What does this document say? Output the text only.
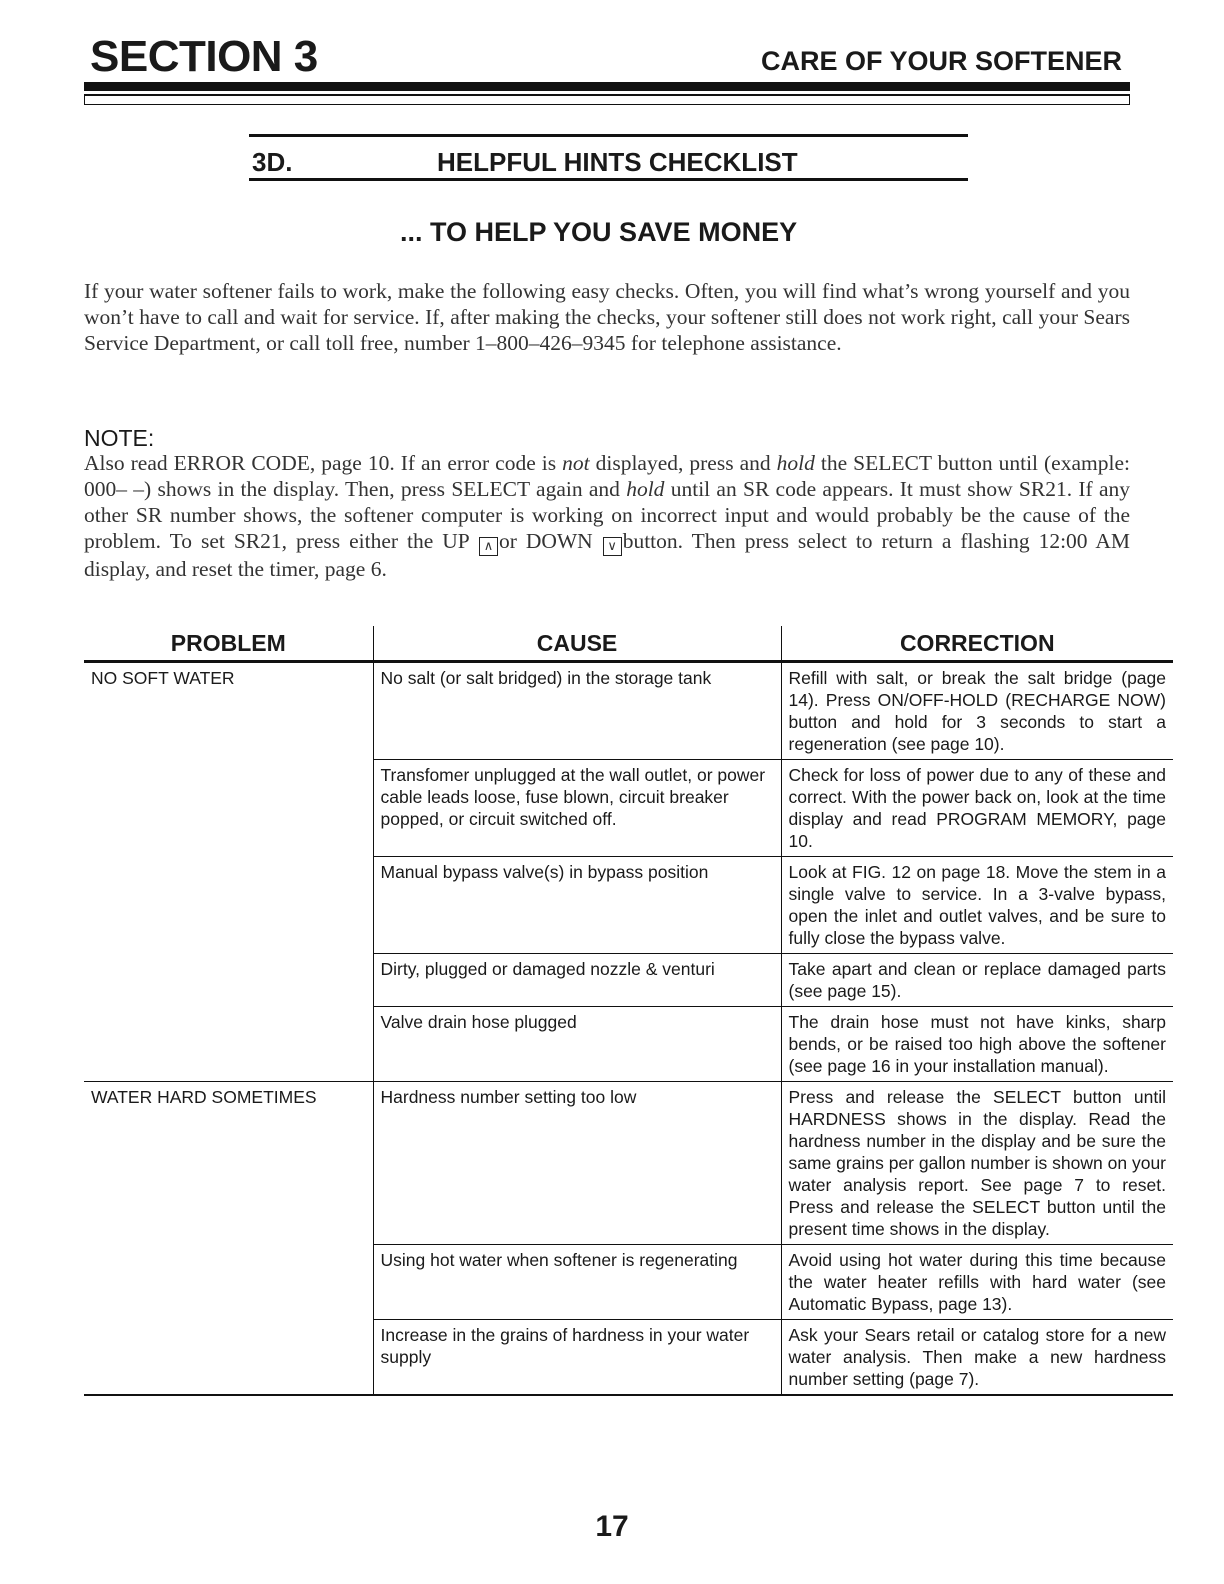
SECTION 3	CARE OF YOUR SOFTENER
3D.	HELPFUL HINTS CHECKLIST
... TO HELP YOU SAVE MONEY
If your water softener fails to work, make the following easy checks. Often, you will find what’s wrong yourself and you won’t have to call and wait for service. If, after making the checks, your softener still does not work right, call your Sears Service Department, or call toll free, number 1–800–426–9345 for telephone assistance.
NOTE:
Also read ERROR CODE, page 10. If an error code is not displayed, press and hold the SELECT button until (example: 000– –) shows in the display. Then, press SELECT again and hold until an SR code appears. It must show SR21. If any other SR number shows, the softener computer is working on incorrect input and would probably be the cause of the problem. To set SR21, press either the UP ∧ or DOWN ∨ button. Then press select to return a flashing 12:00 AM display, and reset the timer, page 6.
PROBLEM	CAUSE	CORRECTION
NO SOFT WATER	No salt (or salt bridged) in the storage tank	Refill with salt, or break the salt bridge (page 14). Press ON/OFF-HOLD (RECHARGE NOW) button and hold for 3 seconds to start a regeneration (see page 10).
	Transfomer unplugged at the wall outlet, or power cable leads loose, fuse blown, circuit breaker popped, or circuit switched off.	Check for loss of power due to any of these and correct. With the power back on, look at the time display and read PROGRAM MEMORY, page 10.
	Manual bypass valve(s) in bypass position	Look at FIG. 12 on page 18. Move the stem in a single valve to service. In a 3-valve bypass, open the inlet and outlet valves, and be sure to fully close the bypass valve.
	Dirty, plugged or damaged nozzle & venturi	Take apart and clean or replace damaged parts (see page 15).
	Valve drain hose plugged	The drain hose must not have kinks, sharp bends, or be raised too high above the softener (see page 16 in your installation manual).
WATER HARD SOMETIMES	Hardness number setting too low	Press and release the SELECT button until HARDNESS shows in the display. Read the hardness number in the display and be sure the same grains per gallon number is shown on your water analysis report. See page 7 to reset. Press and release the SELECT button until the present time shows in the display.
	Using hot water when softener is regenerating	Avoid using hot water during this time because the water heater refills with hard water (see Automatic Bypass, page 13).
	Increase in the grains of hardness in your water supply	Ask your Sears retail or catalog store for a new water analysis. Then make a new hardness number setting (page 7).
17
